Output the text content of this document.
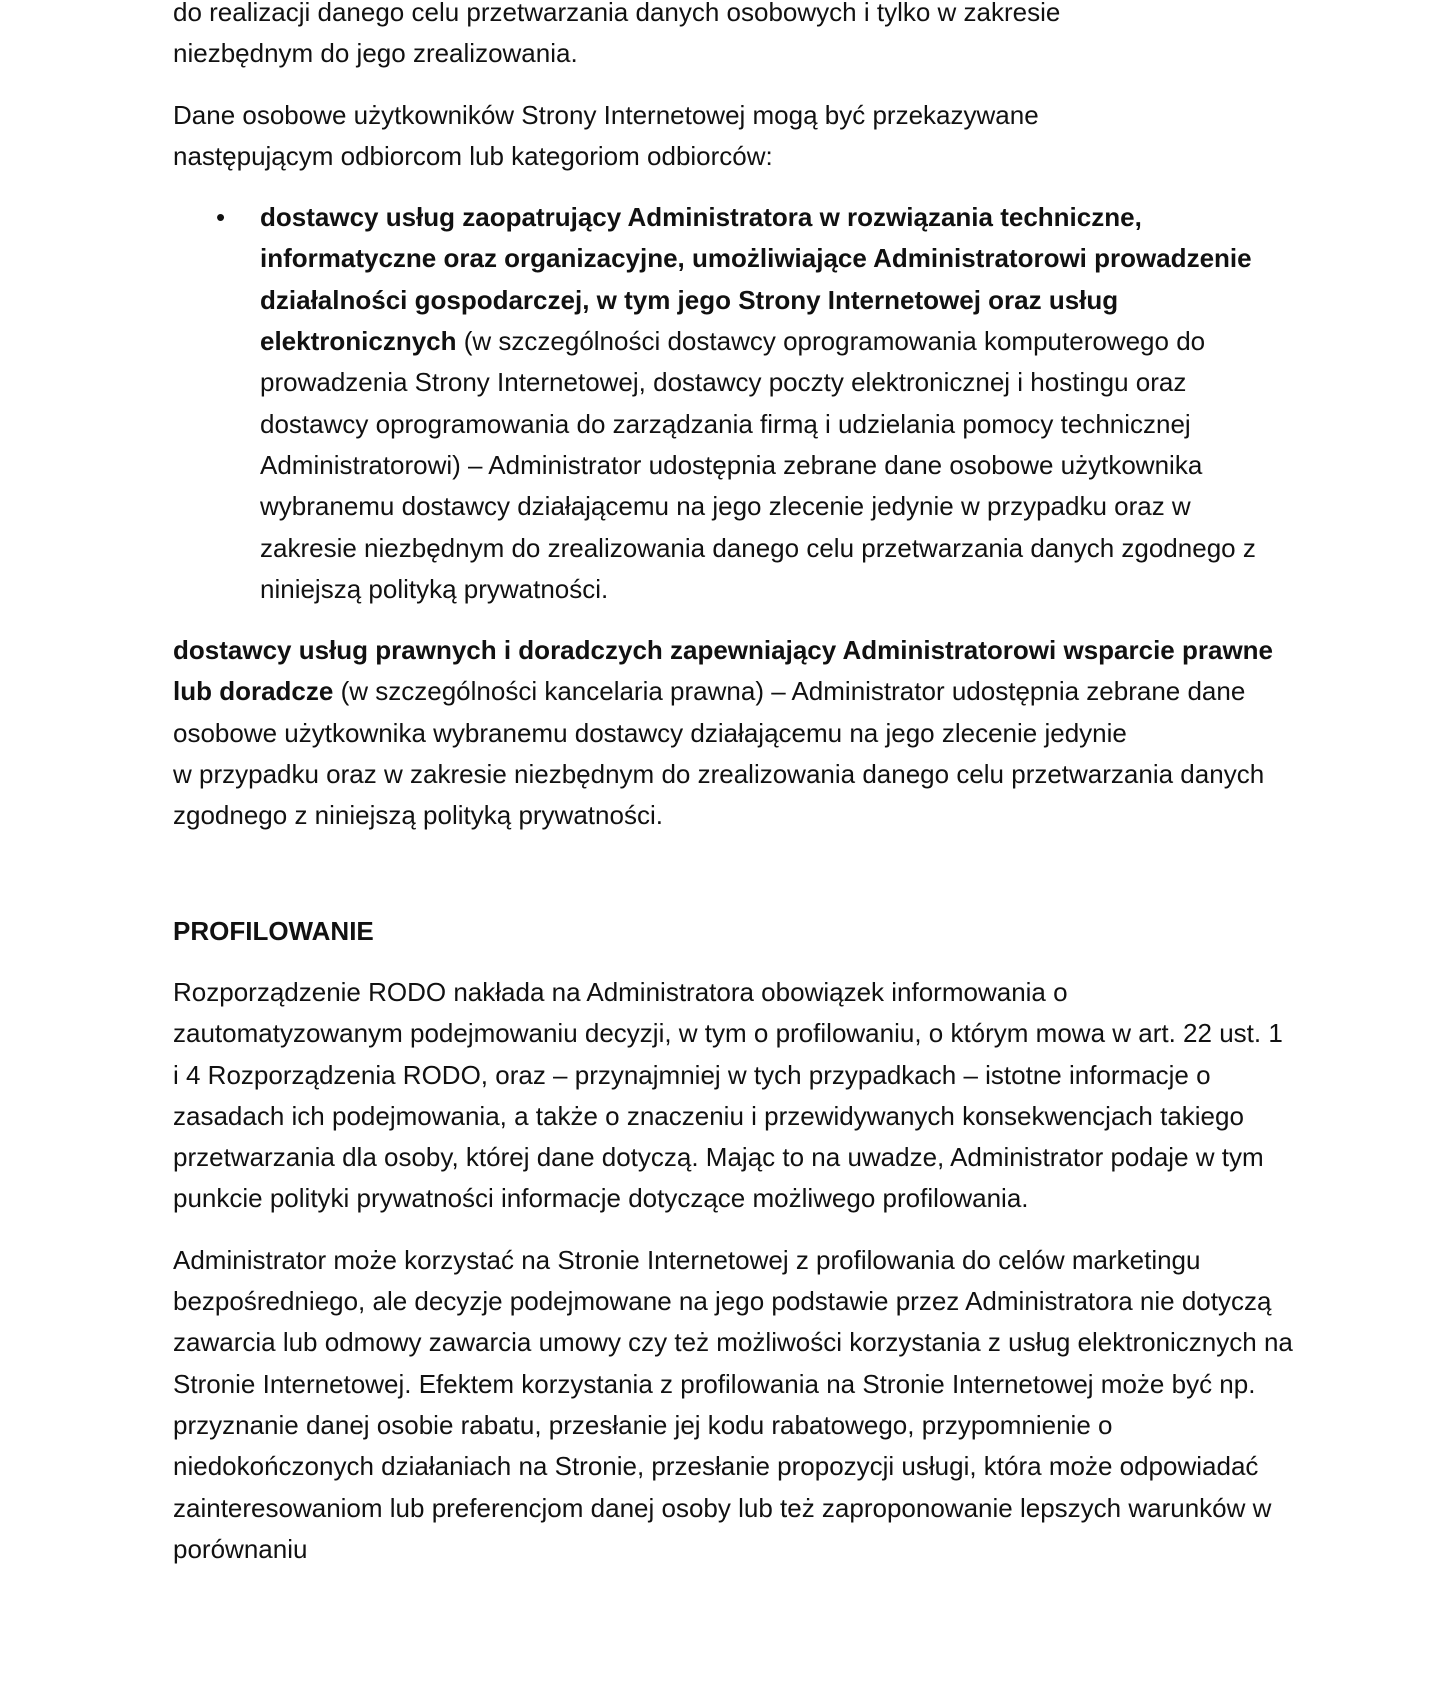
do realizacji danego celu przetwarzania danych osobowych i tylko w zakresie
niezbędnym do jego zrealizowania.

Dane osobowe użytkowników Strony Internetowej mogą być przekazywane następującym odbiorcom lub kategoriom odbiorców:

• dostawcy usług zaopatrujący Administratora w rozwiązania techniczne, informatyczne oraz organizacyjne, umożliwiające Administratorowi prowadzenie działalności gospodarczej, w tym jego Strony Internetowej oraz usług elektronicznych (w szczególności dostawcy oprogramowania komputerowego do prowadzenia Strony Internetowej, dostawcy poczty elektronicznej i hostingu oraz dostawcy oprogramowania do zarządzania firmą i udzielania pomocy technicznej Administratorowi) – Administrator udostępnia zebrane dane osobowe użytkownika wybranemu dostawcy działającemu na jego zlecenie jedynie w przypadku oraz w zakresie niezbędnym do zrealizowania danego celu przetwarzania danych zgodnego z niniejszą polityką prywatności.

dostawcy usług prawnych i doradczych zapewniający Administratorowi wsparcie prawne lub doradcze (w szczególności kancelaria prawna) – Administrator udostępnia zebrane dane osobowe użytkownika wybranemu dostawcy działającemu na jego zlecenie jedynie
w przypadku oraz w zakresie niezbędnym do zrealizowania danego celu przetwarzania danych zgodnego z niniejszą polityką prywatności.

PROFILOWANIE

Rozporządzenie RODO nakłada na Administratora obowiązek informowania o zautomatyzowanym podejmowaniu decyzji, w tym o profilowaniu, o którym mowa w art. 22 ust. 1 i 4 Rozporządzenia RODO, oraz – przynajmniej w tych przypadkach – istotne informacje o zasadach ich podejmowania, a także o znaczeniu i przewidywanych konsekwencjach takiego przetwarzania dla osoby, której dane dotyczą. Mając to na uwadze, Administrator podaje w tym punkcie polityki prywatności informacje dotyczące możliwego profilowania.

Administrator może korzystać na Stronie Internetowej z profilowania do celów marketingu bezpośredniego, ale decyzje podejmowane na jego podstawie przez Administratora nie dotyczą zawarcia lub odmowy zawarcia umowy czy też możliwości korzystania z usług elektronicznych na Stronie Internetowej. Efektem korzystania z profilowania na Stronie Internetowej może być np. przyznanie danej osobie rabatu, przesłanie jej kodu rabatowego, przypomnienie o niedokończonych działaniach na Stronie, przesłanie propozycji usługi, która może odpowiadać zainteresowaniom lub preferencjom danej osoby lub też zaproponowanie lepszych warunków w porównaniu
